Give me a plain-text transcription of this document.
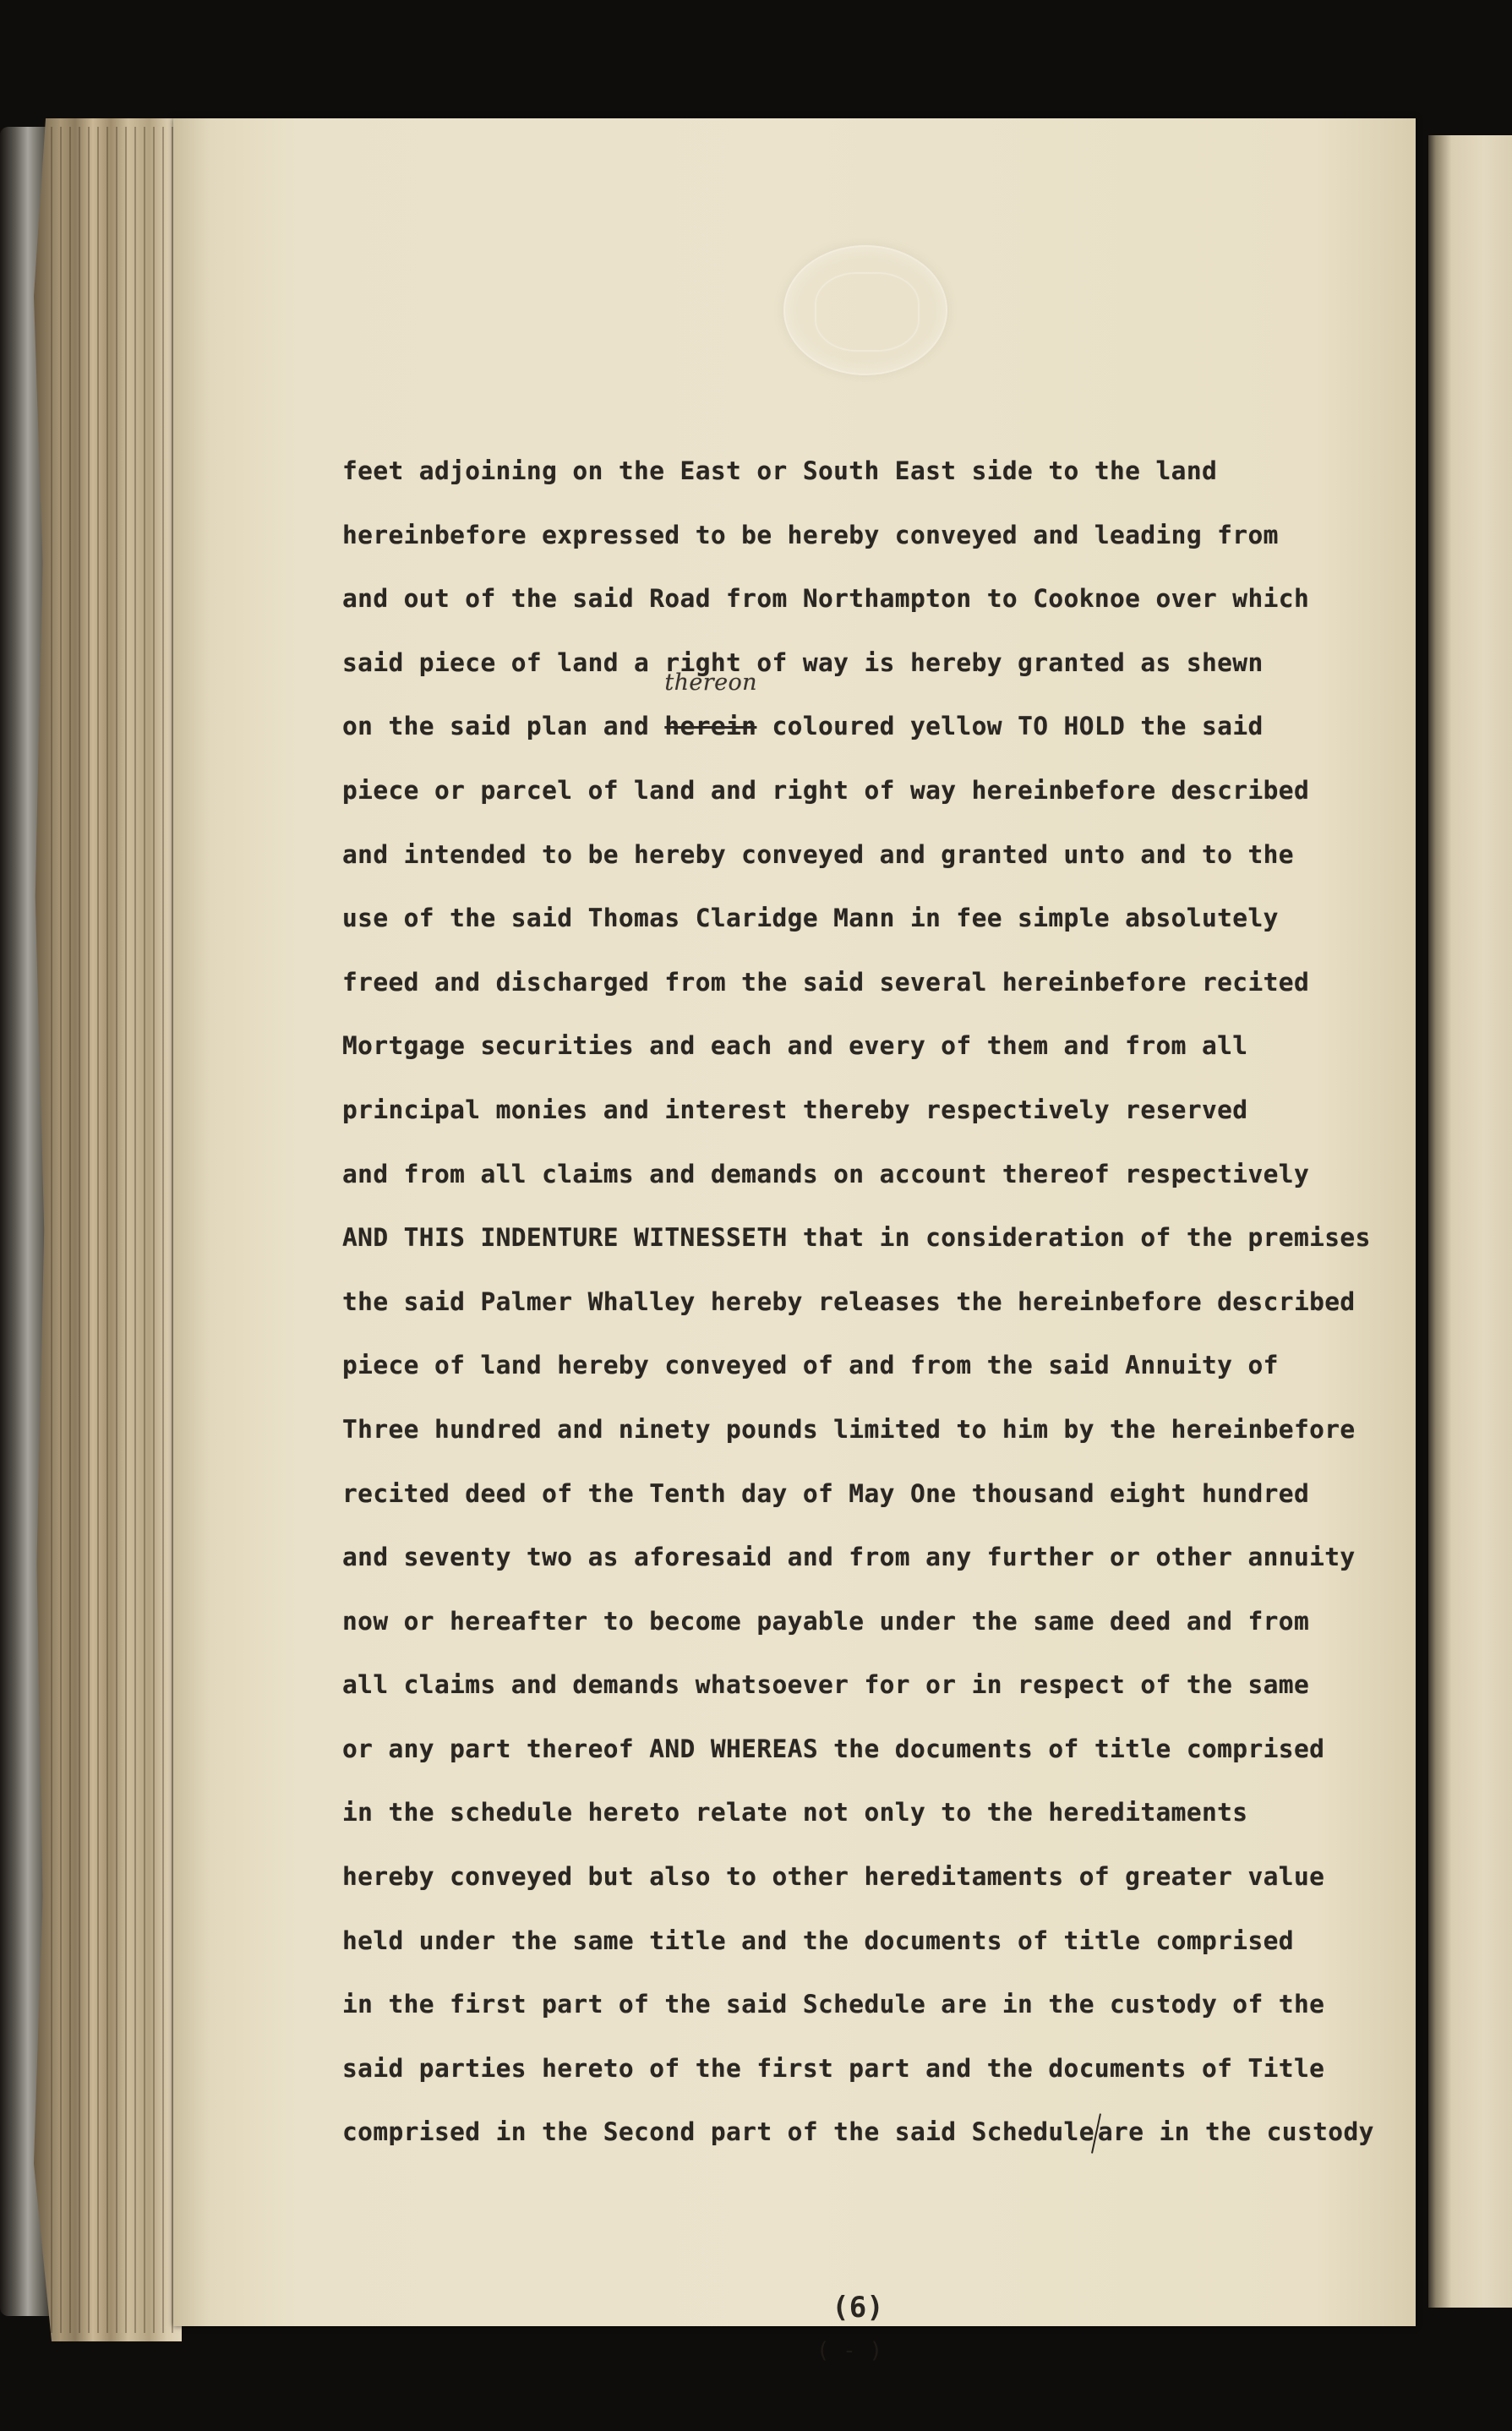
feet adjoining on the East or South East side to the land
hereinbefore expressed to be hereby conveyed and leading from
and out of the said Road from Northampton to Cooknoe over which
said piece of land a right of way is hereby granted as shewn
on the said plan and herein
thereon
coloured yellow TO HOLD the said
piece or parcel of land and right of way hereinbefore described
and intended to be hereby conveyed and granted unto and to the
use of the said Thomas Claridge Mann in fee simple absolutely
freed and discharged from the said several hereinbefore recited
Mortgage securities and each and every of them and from all
principal monies and interest thereby respectively reserved
and from all claims and demands on account thereof respectively
AND THIS INDENTURE WITNESSETH that in consideration of the premises
the said Palmer Whalley hereby releases the hereinbefore described
piece of land hereby conveyed of and from the said Annuity of
Three hundred and ninety pounds limited to him by the hereinbefore
recited deed of the Tenth day of May One thousand eight hundred
and seventy two as aforesaid and from any further or other annuity
now or hereafter to become payable under the same deed and from
all claims and demands whatsoever for or in respect of the same
or any part thereof AND WHEREAS the documents of title comprised
in the schedule hereto relate not only to the hereditaments
hereby conveyed but also to other hereditaments of greater value
held under the same title and the documents of title comprised
in the first part of the said Schedule are in the custody of the
said parties hereto of the first part and the documents of Title
comprised in the Second part of the said Schedule are in the custody
(6)
( - )
